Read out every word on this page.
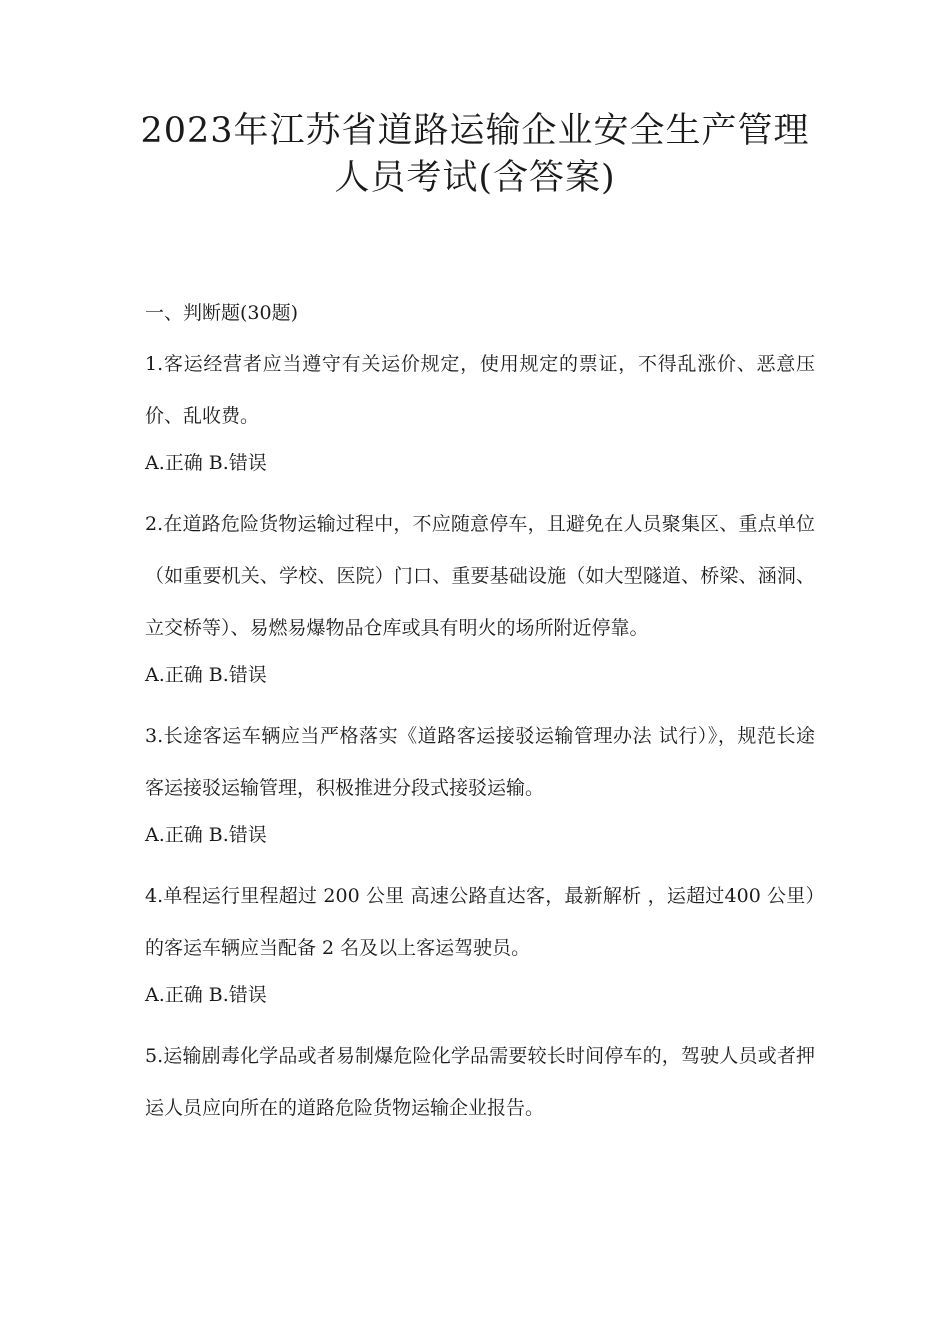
2023年江苏省道路运输企业安全生产管理
人员考试(含答案)
一、判断题(30题)

1.客运经营者应当遵守有关运价规定，使用规定的票证，不得乱涨价、恶意压价、乱收费。

A.正确 B.错误

2.在道路危险货物运输过程中，不应随意停车，且避免在人员聚集区、重点单位（如重要机关、学校、医院）门口、重要基础设施（如大型隧道、桥梁、涵洞、立交桥等）、易燃易爆物品仓库或具有明火的场所附近停靠。

A.正确 B.错误

3.长途客运车辆应当严格落实《道路客运接驳运输管理办法 试行）》，规范长途客运接驳运输管理，积极推进分段式接驳运输。

A.正确 B.错误

4.单程运行里程超过 200 公里 高速公路直达客，最新解析 ，运超过400 公里）的客运车辆应当配备 2 名及以上客运驾驶员。

A.正确 B.错误

5.运输剧毒化学品或者易制爆危险化学品需要较长时间停车的，驾驶人员或者押运人员应向所在的道路危险货物运输企业报告。
